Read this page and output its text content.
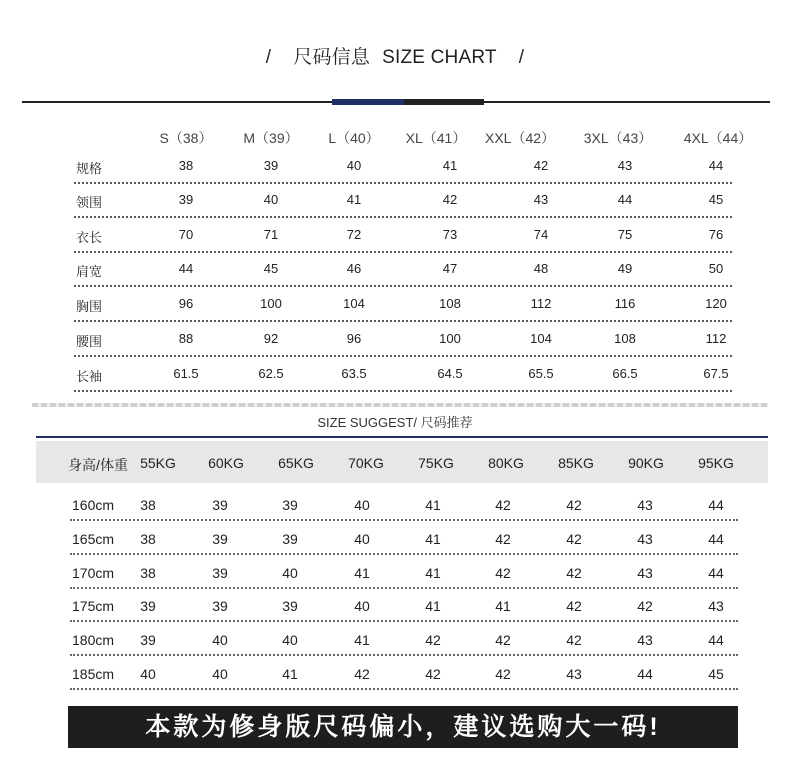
/ 尺码信息 SIZE CHART /
S（38） M（39） L（40） XL（41） XXL（42） 3XL（43） 4XL（44）
规格	38	39	40	41	42	43	44
领围	39	40	41	42	43	44	45
衣长	70	71	72	73	74	75	76
肩宽	44	45	46	47	48	49	50
胸围	96	100	104	108	112	116	120
腰围	88	92	96	100	104	108	112
长袖	61.5	62.5	63.5	64.5	65.5	66.5	67.5
SIZE SUGGEST/ 尺码推荐
身高/体重 55KG 60KG 65KG 70KG 75KG 80KG 85KG 90KG 95KG
160cm 38	39	39	40	41	42	42	43	44
165cm 38	39	39	40	41	42	42	43	44
170cm 38	39	40	41	41	42	42	43	44
175cm 39	39	39	40	41	41	42	42	43
180cm 39	40	40	41	42	42	42	43	44
185cm 40	40	41	42	42	42	43	44	45
本款为修身版尺码偏小，建议选购大一码!
